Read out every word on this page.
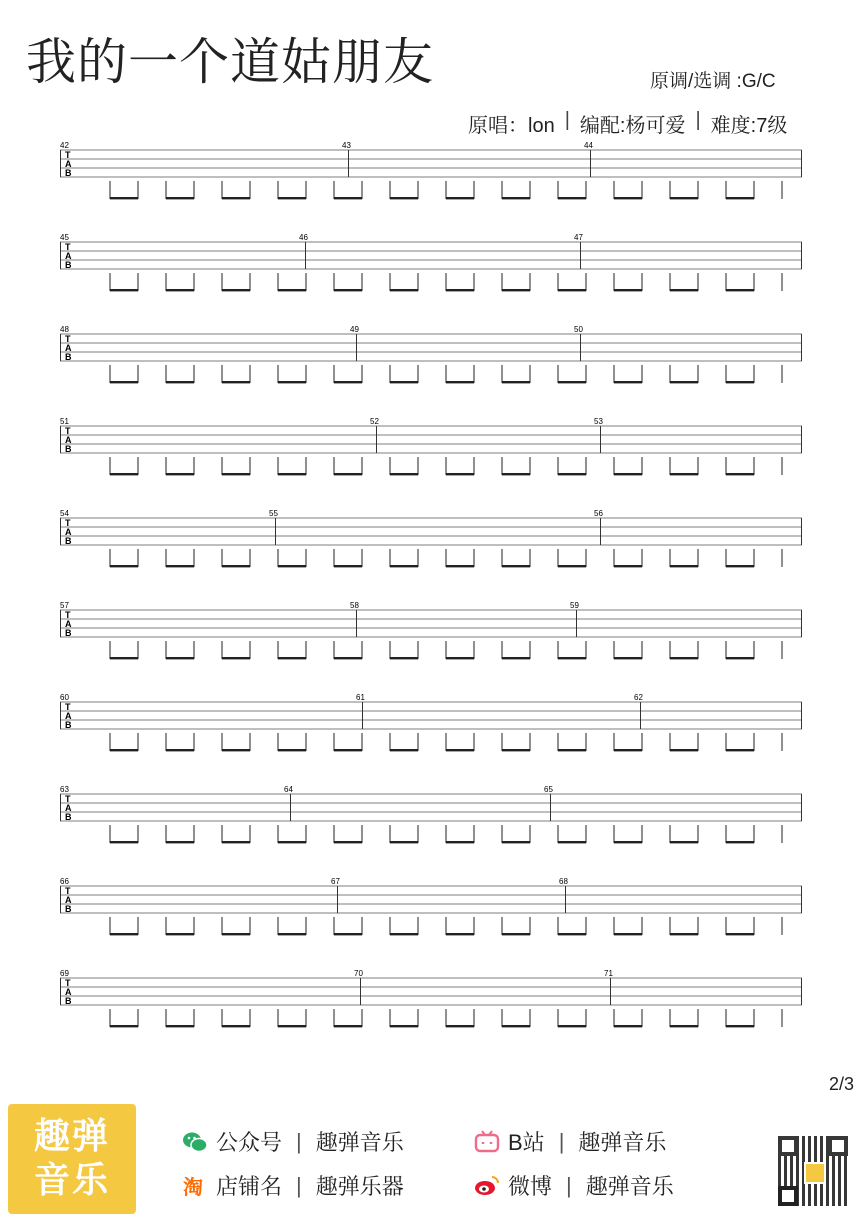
我的一个道姑朋友	原调/选调 :G/C
原唱：lon | 编配:杨可爱 | 难度:7级
T
A
B
42	43	44
T
A
B
45	46	47
T
A
B
48	49	50
T
A
B
51	52	53
T
A
B
54	55	56
T
A
B
57	58	59
T
A
B
60	61	62
T
A
B
63	64	65
T
A
B
66	67	68
T
A
B
69	70	71
2/3
趣弹
音乐
公众号 | 趣弹音乐	B站 | 趣弹音乐
淘 店铺名 | 趣弹乐器	微博 | 趣弹音乐
